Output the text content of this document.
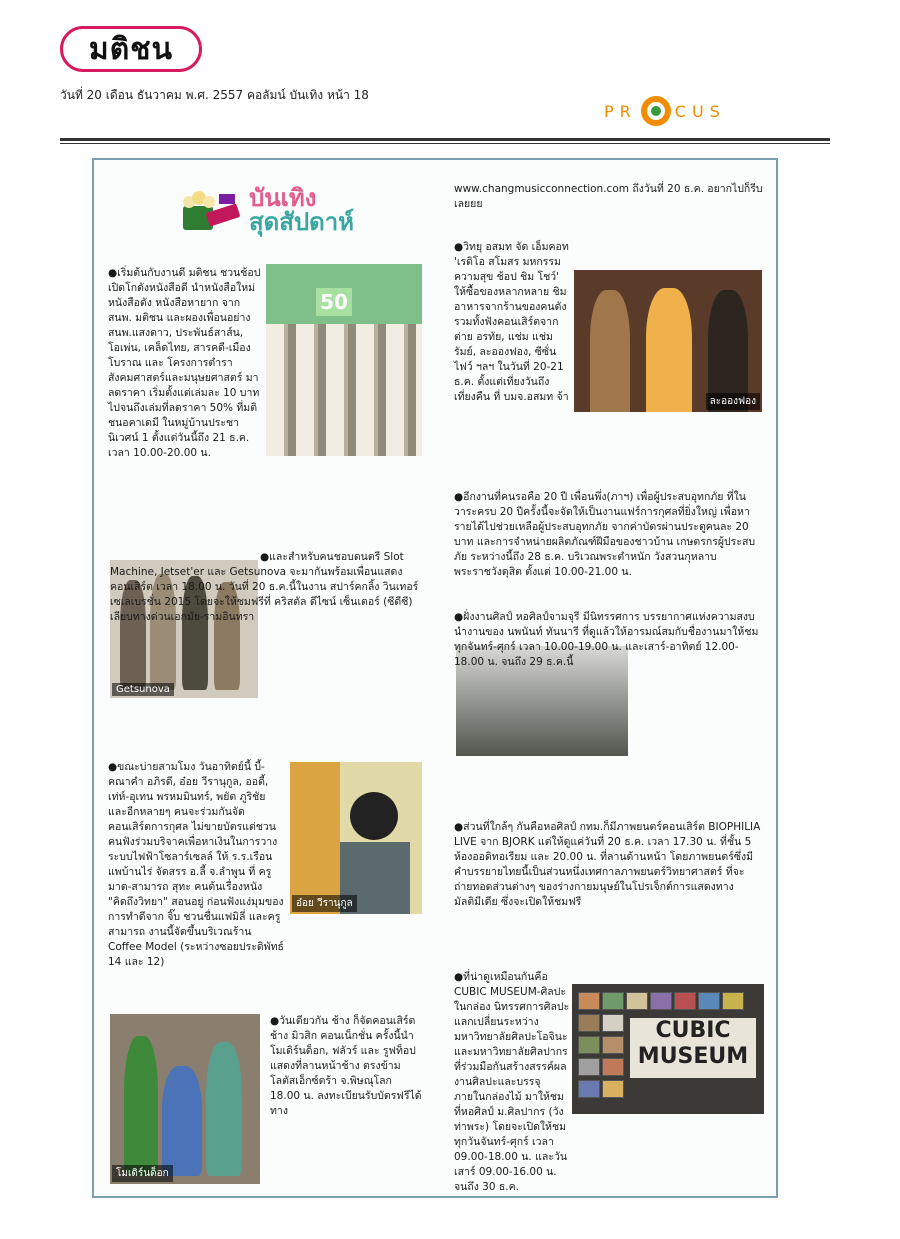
มติชน
วันที่ 20 เดือน ธันวาคม พ.ศ. 2557 คอลัมน์ บันเทิง หน้า 18
PR CUS
บันเทิง
สุดสัปดาห์
●เริ่มต้นกับงานดี มติชน ชวนช้อปเปิดโกดังหนังสือดี นำหนังสือใหม่ หนังสือดัง หนังสือหายาก จาก สนพ. มติชน และผองเพื่อนอย่าง สนพ.แสงดาว, ประพันธ์สาส์น, โอเพ่น, เคล็ดไทย, สารคดี-เมืองโบราณ และ โครงการตำราสังคมศาสตร์และมนุษยศาสตร์ มาลดราคา เริ่มตั้งแต่เล่มละ 10 บาท ไปจนถึงเล่มที่ลดราคา 50% ที่มติชนอคาเดมี ในหมู่บ้านประชานิเวศน์ 1 ตั้งแต่วันนี้ถึง 21 ธ.ค. เวลา 10.00-20.00 น.
50
Getsunova
●และสำหรับคนชอบดนตรี Slot Machine, Jetset'er และ Getsunova จะมากันพร้อมเพื่อนแสดงคอนเสิร์ต เวลา 18.00 น. วันที่ 20 ธ.ค.นี้ในงาน สปาร์คกลิ้ง วินเทอร์ เซเลเบรชั่น 2015 โดยจะให้ชมฟรีที่ คริสตัล ดีไซน์ เซ็นเตอร์ (ซีดีซี) เลียบทางด่วนเอกมัย-รามอินทรา
อ๋อย วีรานุกูล
●ขณะบ่ายสามโมง วันอาทิตย์นี้ บี้-คณาคำ อภิรดี, อ๋อย วีรานุกูล, ออดี้, เท่ห์-อุเทน พรหมมินทร์, พยัต ภูริชัย และอีกหลายๆ คนจะร่วมกันจัดคอนเสิร์ตการกุศล ไม่ขายบัตรแต่ชวนคนฟังร่วมบริจาคเพื่อหาเงินในการวางระบบไฟฟ้าโซลาร์เซลล์ ให้ ร.ร.เรือนแพบ้านไร่ จัดสรร อ.ลี้ จ.ลำพูน ที่ ครูมาด-สามารถ สุทะ คนต้นเรื่องหนัง "คิดถึงวิทยา" สอนอยู่ ก่อนฟังแง่มุมของการทำดีจาก จิ๊บ ชวนชื่นแฟมิลี่ และครูสามารถ งานนี้จัดขึ้นบริเวณร้าน Coffee Model (ระหว่างซอยประดิพัทธ์ 14 และ 12)
โมเดิร์นด็อก
●วันเดียวกัน ช้าง ก็จัดคอนเสิร์ต ช้าง มิวสิก คอนเน็กชั่น ครั้งนี้นำ โมเดิร์นด็อก, ฟลัวร์ และ รูฟท็อป แสดงที่ลานหน้าช้าง ตรงข้ามโลตัสเอ็กซ์ตร้า จ.พิษณุโลก 18.00 น. ลงทะเบียนรับบัตรฟรีได้ทาง
www.changmusicconnection.com ถึงวันที่ 20 ธ.ค. อยากไปก็รีบเลยยย
ละอองฟอง
●วิทยุ อสมท จัด เอ็มคอท 'เรดิโอ สโมสร มหกรรมความสุข ช้อป ชิม โชว์' ให้ซื้อของหลากหลาย ชิมอาหารจากร้านของคนดัง รวมทั้งฟังคอนเสิร์ตจาก ต่าย อรทัย, แช่ม แช่มรัมย์, ละอองฟอง, ซีซั่น ไฟว์ ฯลฯ ในวันที่ 20-21 ธ.ค. ตั้งแต่เที่ยงวันถึงเที่ยงคืน ที่ บมจ.อสมท จ้า
●อีกงานที่คนรอคือ 20 ปี เพื่อนพึ่ง(ภาฯ) เพื่อผู้ประสบอุทกภัย ที่ในวาระครบ 20 ปีครั้งนี้จะจัดให้เป็นงานแฟร์การกุศลที่ยิ่งใหญ่ เพื่อหารายได้ไปช่วยเหลือผู้ประสบอุทกภัย จากค่าบัตรผ่านประตูคนละ 20 บาท และการจำหน่ายผลิตภัณฑ์ฝีมือของชาวบ้าน เกษตรกรผู้ประสบภัย ระหว่างนี้ถึง 28 ธ.ค. บริเวณพระตำหนัก วังสวนกุหลาบ พระราชวังดุสิต ตั้งแต่ 10.00-21.00 น.
●ฝั่งงานศิลป์ หอศิลป์จามจุรี มีนิทรรศการ บรรยากาศแห่งความสงบ นำงานของ นพนันท์ ทันนารี ที่ดูแล้วให้อารมณ์สมกับชื่องานมาให้ชม ทุกจันทร์-ศุกร์ เวลา 10.00-19.00 น. และเสาร์-อาทิตย์ 12.00-18.00 น. จนถึง 29 ธ.ค.นี้
●ส่วนที่ใกล้ๆ กันคือหอศิลป์ กทม.ก็มีภาพยนตร์คอนเสิร์ต BIOPHILIA LIVE จาก BJORK แต่ให้ดูแค่วันที่ 20 ธ.ค. เวลา 17.30 น. ที่ชั้น 5 ห้องออดิทอเรียม และ 20.00 น. ที่ลานด้านหน้า โดยภาพยนตร์ซึ่งมีคำบรรยายไทยนี้เป็นส่วนหนึ่งเทศกาลภาพยนตร์วิทยาศาสตร์ ที่จะถ่ายทอดส่วนต่างๆ ของร่างกายมนุษย์ในโปรเจ็กต์การแสดงทางมัลติมีเดีย ซึ่งจะเปิดให้ชมฟรี
CUBIC
MUSEUM
●ที่น่าดูเหมือนกันคือ CUBIC MUSEUM-ศิลปะในกล่อง นิทรรศการศิลปะแลกเปลี่ยนระหว่างมหาวิทยาลัยศิลปะโอจินะและมหาวิทยาลัยศิลปากร ที่ร่วมมือกันสร้างสรรค์ผลงานศิลปะและบรรจุภายในกล่องไม้ มาให้ชมที่หอศิลป์ ม.ศิลปากร (วังท่าพระ) โดยจะเปิดให้ชมทุกวันจันทร์-ศุกร์ เวลา 09.00-18.00 น. และวันเสาร์ 09.00-16.00 น. จนถึง 30 ธ.ค.
